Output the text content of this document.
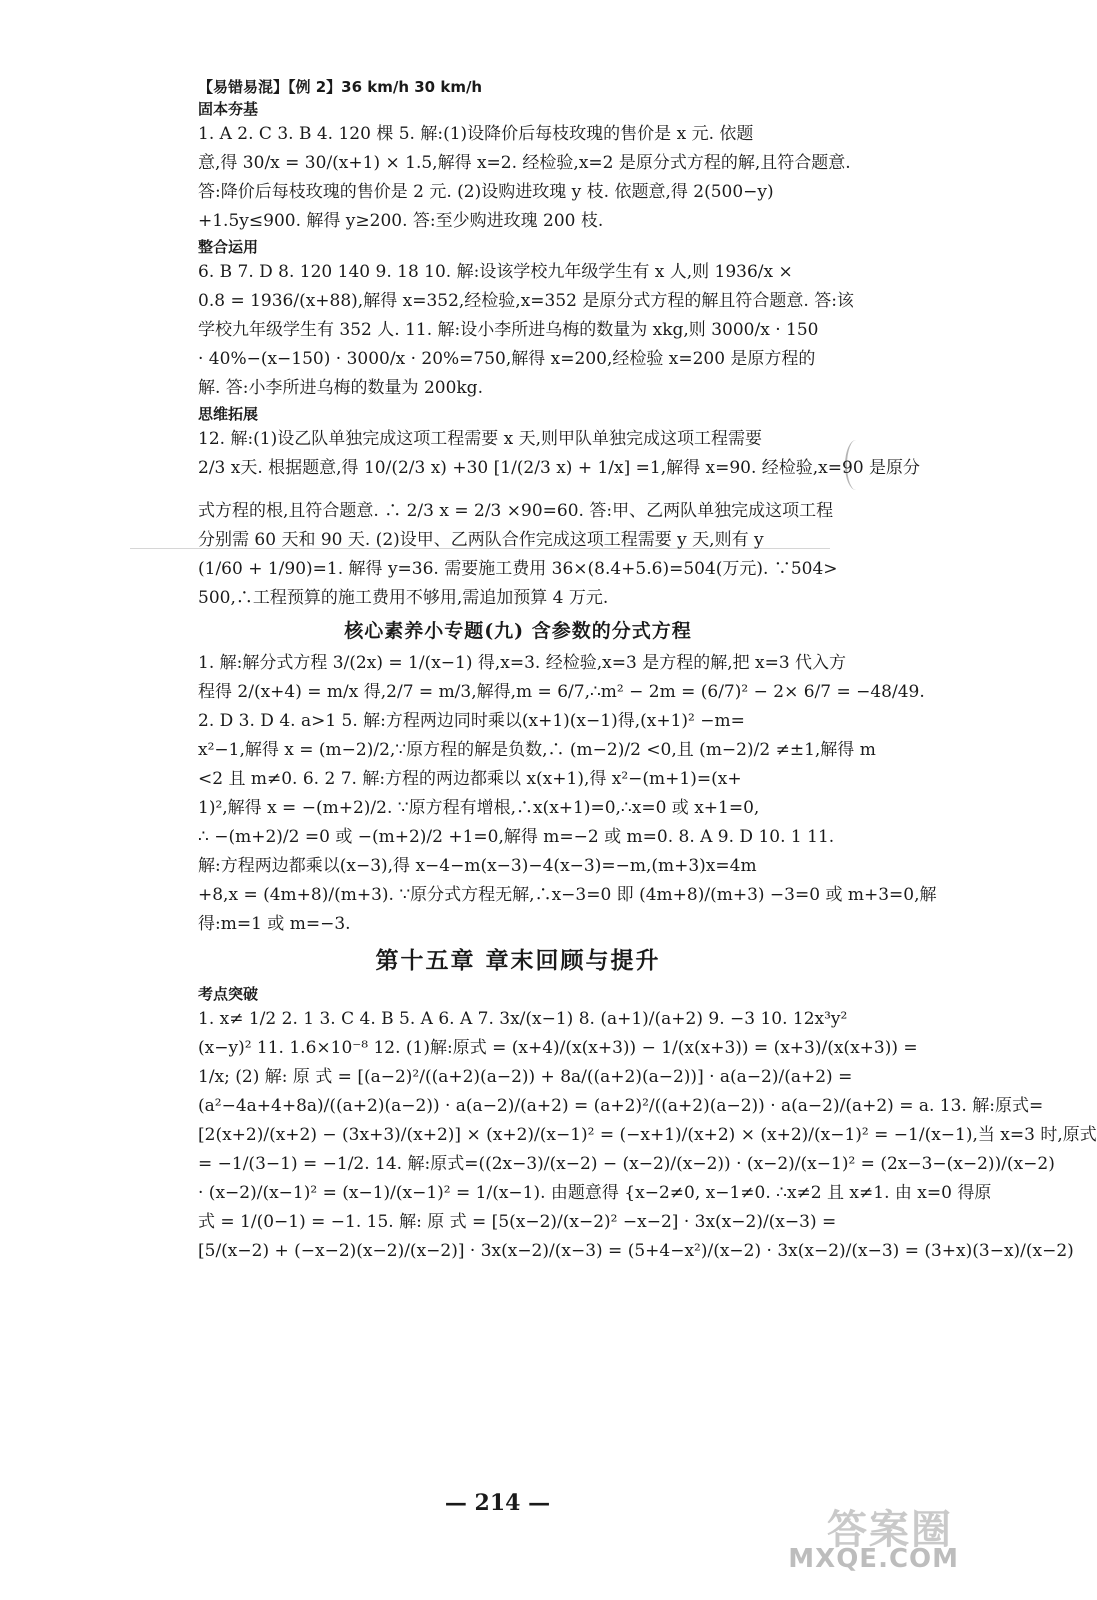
【易错易混】【例 2】36 km/h 30 km/h
固本夯基
1. A 2. C 3. B 4. 120 棵 5. 解:(1)设降价后每枝玫瑰的售价是 x 元. 依题
意,得 30/x = 30/(x+1) × 1.5,解得 x=2. 经检验,x=2 是原分式方程的解,且符合题意.
答:降价后每枝玫瑰的售价是 2 元. (2)设购进玫瑰 y 枝. 依题意,得 2(500−y)
+1.5y≤900. 解得 y≥200. 答:至少购进玫瑰 200 枝.
整合运用
6. B 7. D 8. 120 140 9. 18 10. 解:设该学校九年级学生有 x 人,则 1936/x ×
0.8 = 1936/(x+88),解得 x=352,经检验,x=352 是原分式方程的解且符合题意. 答:该
学校九年级学生有 352 人. 11. 解:设小李所进乌梅的数量为 xkg,则 3000/x · 150
· 40%−(x−150) · 3000/x · 20%=750,解得 x=200,经检验 x=200 是原方程的
解. 答:小李所进乌梅的数量为 200kg.
思维拓展
12. 解:(1)设乙队单独完成这项工程需要 x 天,则甲队单独完成这项工程需要
2/3 x天. 根据题意,得 10/(2/3 x) +30 [1/(2/3 x) + 1/x] =1,解得 x=90. 经检验,x=90 是原分
式方程的根,且符合题意. ∴ 2/3 x = 2/3 ×90=60. 答:甲、乙两队单独完成这项工程
分别需 60 天和 90 天. (2)设甲、乙两队合作完成这项工程需要 y 天,则有 y
(1/60 + 1/90)=1. 解得 y=36. 需要施工费用 36×(8.4+5.6)=504(万元). ∵504>
500,∴工程预算的施工费用不够用,需追加预算 4 万元.
核心素养小专题(九) 含参数的分式方程
1. 解:解分式方程 3/(2x) = 1/(x−1) 得,x=3. 经检验,x=3 是方程的解,把 x=3 代入方
程得 2/(x+4) = m/x 得,2/7 = m/3,解得,m = 6/7,∴m² − 2m = (6/7)² − 2× 6/7 = −48/49.
2. D 3. D 4. a>1 5. 解:方程两边同时乘以(x+1)(x−1)得,(x+1)² −m=
x²−1,解得 x = (m−2)/2,∵原方程的解是负数,∴ (m−2)/2 <0,且 (m−2)/2 ≠±1,解得 m
<2 且 m≠0. 6. 2 7. 解:方程的两边都乘以 x(x+1),得 x²−(m+1)=(x+
1)²,解得 x = −(m+2)/2. ∵原方程有增根,∴x(x+1)=0,∴x=0 或 x+1=0,
∴ −(m+2)/2 =0 或 −(m+2)/2 +1=0,解得 m=−2 或 m=0. 8. A 9. D 10. 1 11.
解:方程两边都乘以(x−3),得 x−4−m(x−3)−4(x−3)=−m,(m+3)x=4m
+8,x = (4m+8)/(m+3). ∵原分式方程无解,∴x−3=0 即 (4m+8)/(m+3) −3=0 或 m+3=0,解
得:m=1 或 m=−3.
第十五章 章末回顾与提升
考点突破
1. x≠ 1/2 2. 1 3. C 4. B 5. A 6. A 7. 3x/(x−1) 8. (a+1)/(a+2) 9. −3 10. 12x³y²
(x−y)² 11. 1.6×10⁻⁸ 12. (1)解:原式 = (x+4)/(x(x+3)) − 1/(x(x+3)) = (x+3)/(x(x+3)) =
1/x; (2) 解: 原 式 = [(a−2)²/((a+2)(a−2)) + 8a/((a+2)(a−2))] · a(a−2)/(a+2) =
(a²−4a+4+8a)/((a+2)(a−2)) · a(a−2)/(a+2) = (a+2)²/((a+2)(a−2)) · a(a−2)/(a+2) = a. 13. 解:原式=
[2(x+2)/(x+2) − (3x+3)/(x+2)] × (x+2)/(x−1)² = (−x+1)/(x+2) × (x+2)/(x−1)² = −1/(x−1),当 x=3 时,原式
= −1/(3−1) = −1/2. 14. 解:原式=((2x−3)/(x−2) − (x−2)/(x−2)) · (x−2)/(x−1)² = (2x−3−(x−2))/(x−2)
· (x−2)/(x−1)² = (x−1)/(x−1)² = 1/(x−1). 由题意得 {x−2≠0, x−1≠0. ∴x≠2 且 x≠1. 由 x=0 得原
式 = 1/(0−1) = −1. 15. 解: 原 式 = [5(x−2)/(x−2)² −x−2] · 3x(x−2)/(x−3) =
[5/(x−2) + (−x−2)(x−2)/(x−2)] · 3x(x−2)/(x−3) = (5+4−x²)/(x−2) · 3x(x−2)/(x−3) = (3+x)(3−x)/(x−2)
— 214 —
答案圈
MXQE.COM
